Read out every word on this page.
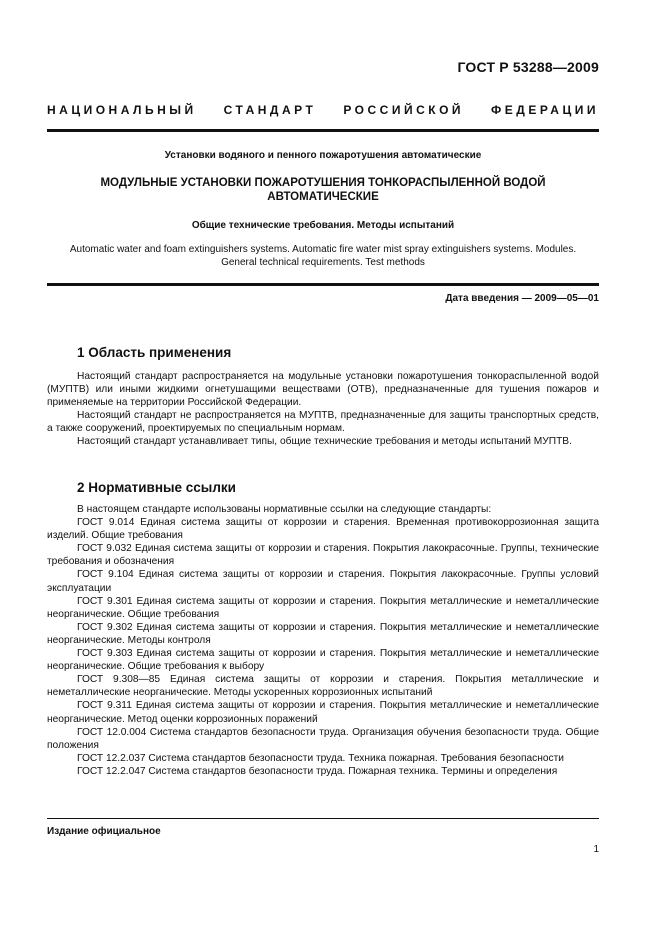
ГОСТ Р 53288—2009
НАЦИОНАЛЬНЫЙ СТАНДАРТ РОССИЙСКОЙ ФЕДЕРАЦИИ
Установки водяного и пенного пожаротушения автоматические
МОДУЛЬНЫЕ УСТАНОВКИ ПОЖАРОТУШЕНИЯ ТОНКОРАСПЫЛЕННОЙ ВОДОЙ
АВТОМАТИЧЕСКИЕ
Общие технические требования. Методы испытаний
Automatic water and foam extinguishers systems. Automatic fire water mist spray extinguishers systems. Modules.
General technical requirements. Test methods
Дата введения — 2009—05—01
1 Область применения

Настоящий стандарт распространяется на модульные установки пожаротушения тонкораспыленной водой (МУПТВ) или иными жидкими огнетушащими веществами (ОТВ), предназначенные для тушения пожаров и применяемые на территории Российской Федерации.

Настоящий стандарт не распространяется на МУПТВ, предназначенные для защиты транспортных средств, а также сооружений, проектируемых по специальным нормам.

Настоящий стандарт устанавливает типы, общие технические требования и методы испытаний МУПТВ.

2 Нормативные ссылки

В настоящем стандарте использованы нормативные ссылки на следующие стандарты:

ГОСТ 9.014 Единая система защиты от коррозии и старения. Временная противокоррозионная защита изделий. Общие требования

ГОСТ 9.032 Единая система защиты от коррозии и старения. Покрытия лакокрасочные. Группы, технические требования и обозначения

ГОСТ 9.104 Единая система защиты от коррозии и старения. Покрытия лакокрасочные. Группы условий эксплуатации

ГОСТ 9.301 Единая система защиты от коррозии и старения. Покрытия металлические и неметаллические неорганические. Общие требования

ГОСТ 9.302 Единая система защиты от коррозии и старения. Покрытия металлические и неметаллические неорганические. Методы контроля

ГОСТ 9.303 Единая система защиты от коррозии и старения. Покрытия металлические и неметаллические неорганические. Общие требования к выбору

ГОСТ 9.308—85 Единая система защиты от коррозии и старения. Покрытия металлические и неметаллические неорганические. Методы ускоренных коррозионных испытаний

ГОСТ 9.311 Единая система защиты от коррозии и старения. Покрытия металлические и неметаллические неорганические. Метод оценки коррозионных поражений

ГОСТ 12.0.004 Система стандартов безопасности труда. Организация обучения безопасности труда. Общие положения

ГОСТ 12.2.037 Система стандартов безопасности труда. Техника пожарная. Требования безопасности

ГОСТ 12.2.047 Система стандартов безопасности труда. Пожарная техника. Термины и определения

Издание официальное
1
